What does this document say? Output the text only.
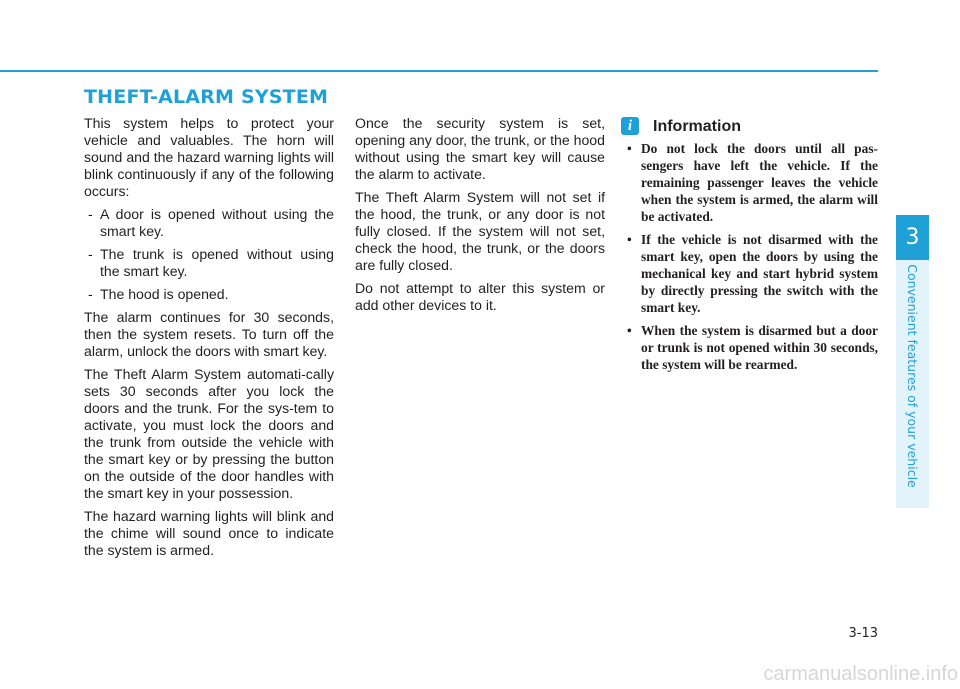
THEFT-ALARM SYSTEM

This system helps to protect your vehicle and valuables. The horn will sound and the hazard warning lights will blink continuously if any of the following occurs:

- A door is opened without using the smart key.
- The trunk is opened without using the smart key.
- The hood is opened.

The alarm continues for 30 seconds, then the system resets. To turn off the alarm, unlock the doors with smart key.

The Theft Alarm System automati-cally sets 30 seconds after you lock the doors and the trunk. For the sys-tem to activate, you must lock the doors and the trunk from outside the vehicle with the smart key or by pressing the button on the outside of the door handles with the smart key in your possession.

The hazard warning lights will blink and the chime will sound once to indicate the system is armed.

Once the security system is set, opening any door, the trunk, or the hood without using the smart key will cause the alarm to activate.

The Theft Alarm System will not set if the hood, the trunk, or any door is not fully closed. If the system will not set, check the hood, the trunk, or the doors are fully closed.

Do not attempt to alter this system or add other devices to it.

i	Information
• Do not lock the doors until all pas-sengers have left the vehicle. If the remaining passenger leaves the vehicle when the system is armed, the alarm will be activated.
• If the vehicle is not disarmed with the smart key, open the doors by using the mechanical key and start hybrid system by directly pressing the switch with the smart key.
• When the system is disarmed but a door or trunk is not opened within 30 seconds, the system will be rearmed.
3
Convenient features of your vehicle
3-13
carmanualsonline.info
